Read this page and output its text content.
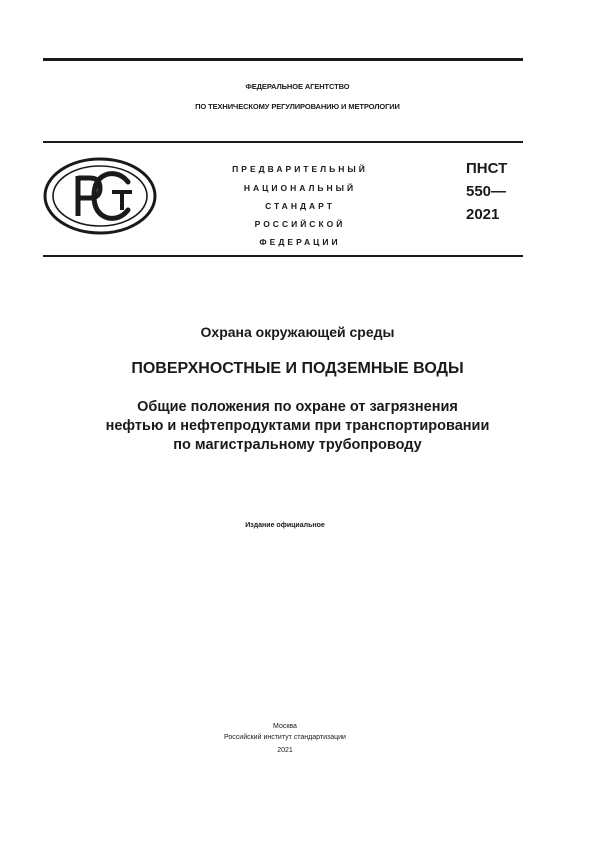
ФЕДЕРАЛЬНОЕ АГЕНТСТВО
ПО ТЕХНИЧЕСКОМУ РЕГУЛИРОВАНИЮ И МЕТРОЛОГИИ
ПРЕДВАРИТЕЛЬНЫЙ
НАЦИОНАЛЬНЫЙ
СТАНДАРТ
РОССИЙСКОЙ
ФЕДЕРАЦИИ
ПНСТ
550—
2021
Охрана окружающей среды
ПОВЕРХНОСТНЫЕ И ПОДЗЕМНЫЕ ВОДЫ
Общие положения по охране от загрязнения
нефтью и нефтепродуктами при транспортировании
по магистральному трубопроводу
Издание официальное
Москва
Российский институт стандартизации
2021
